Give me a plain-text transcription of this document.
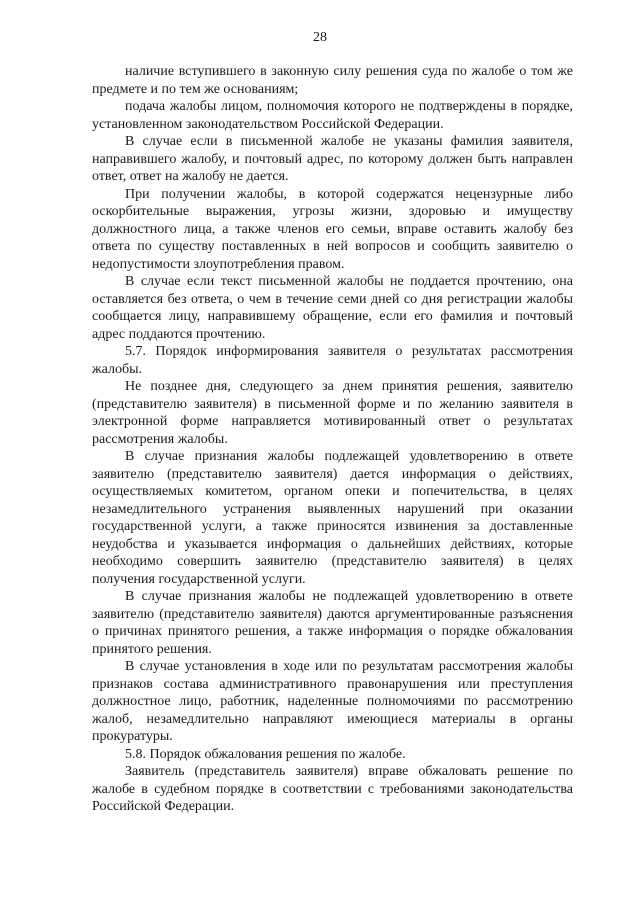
28

наличие вступившего в законную силу решения суда по жалобе о том же предмете и по тем же основаниям;

подача жалобы лицом, полномочия которого не подтверждены в порядке, установленном законодательством Российской Федерации.

В случае если в письменной жалобе не указаны фамилия заявителя, направившего жалобу, и почтовый адрес, по которому должен быть направлен ответ, ответ на жалобу не дается.

При получении жалобы, в которой содержатся нецензурные либо оскорбительные выражения, угрозы жизни, здоровью и имуществу должностного лица, а также членов его семьи, вправе оставить жалобу без ответа по существу поставленных в ней вопросов и сообщить заявителю о недопустимости злоупотребления правом.

В случае если текст письменной жалобы не поддается прочтению, она оставляется без ответа, о чем в течение семи дней со дня регистрации жалобы сообщается лицу, направившему обращение, если его фамилия и почтовый адрес поддаются прочтению.

5.7. Порядок информирования заявителя о результатах рассмотрения жалобы.

Не позднее дня, следующего за днем принятия решения, заявителю (представителю заявителя) в письменной форме и по желанию заявителя в электронной форме направляется мотивированный ответ о результатах рассмотрения жалобы.

В случае признания жалобы подлежащей удовлетворению в ответе заявителю (представителю заявителя) дается информация о действиях, осуществляемых комитетом, органом опеки и попечительства, в целях незамедлительного устранения выявленных нарушений при оказании государственной услуги, а также приносятся извинения за доставленные неудобства и указывается информация о дальнейших действиях, которые необходимо совершить заявителю (представителю заявителя) в целях получения государственной услуги.

В случае признания жалобы не подлежащей удовлетворению в ответе заявителю (представителю заявителя) даются аргументированные разъяснения о причинах принятого решения, а также информация о порядке обжалования принятого решения.

В случае установления в ходе или по результатам рассмотрения жалобы признаков состава административного правонарушения или преступления должностное лицо, работник, наделенные полномочиями по рассмотрению жалоб, незамедлительно направляют имеющиеся материалы в органы прокуратуры.

5.8. Порядок обжалования решения по жалобе.

Заявитель (представитель заявителя) вправе обжаловать решение по жалобе в судебном порядке в соответствии с требованиями законодательства Российской Федерации.
